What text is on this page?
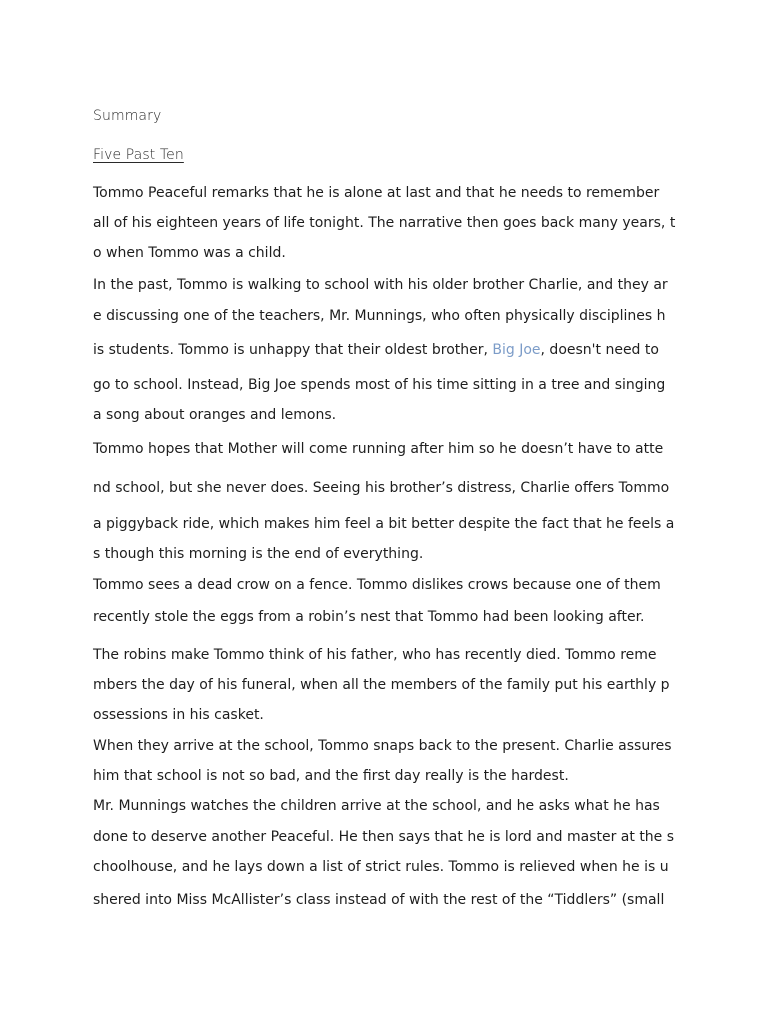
Summary
Five Past Ten
Tommo Peaceful remarks that he is alone at last and that he needs to remember
all of his eighteen years of life tonight. The narrative then goes back many years, t
o when Tommo was a child.
In the past, Tommo is walking to school with his older brother Charlie, and they ar
e discussing one of the teachers, Mr. Munnings, who often physically disciplines h
is students. Tommo is unhappy that their oldest brother, Big Joe, doesn't need to
go to school. Instead, Big Joe spends most of his time sitting in a tree and singing
a song about oranges and lemons.
Tommo hopes that Mother will come running after him so he doesn’t have to atte
nd school, but she never does. Seeing his brother’s distress, Charlie offers Tommo
a piggyback ride, which makes him feel a bit better despite the fact that he feels a
s though this morning is the end of everything.
Tommo sees a dead crow on a fence. Tommo dislikes crows because one of them
recently stole the eggs from a robin’s nest that Tommo had been looking after.
The robins make Tommo think of his father, who has recently died. Tommo reme
mbers the day of his funeral, when all the members of the family put his earthly p
ossessions in his casket.
When they arrive at the school, Tommo snaps back to the present. Charlie assures
him that school is not so bad, and the first day really is the hardest.
Mr. Munnings watches the children arrive at the school, and he asks what he has
done to deserve another Peaceful. He then says that he is lord and master at the s
choolhouse, and he lays down a list of strict rules. Tommo is relieved when he is u
shered into Miss McAllister’s class instead of with the rest of the “Tiddlers” (small
